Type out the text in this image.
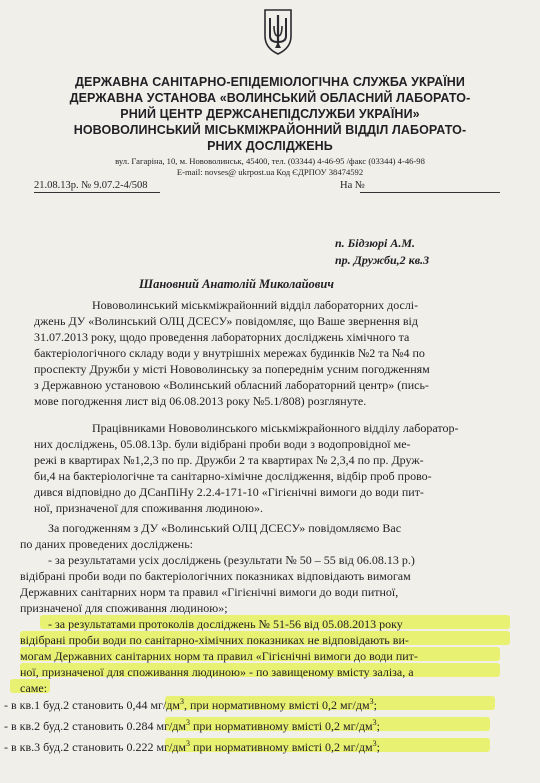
ДЕРЖАВНА САНІТАРНО-ЕПІДЕМІОЛОГІЧНА СЛУЖБА УКРАЇНИ
ДЕРЖАВНА УСТАНОВА «ВОЛИНСЬКИЙ ОБЛАСНИЙ ЛАБОРАТО-
РНИЙ ЦЕНТР ДЕРЖСАНЕПІДСЛУЖБИ УКРАЇНИ»
НОВОВОЛИНСЬКИЙ МІСЬКМІЖРАЙОННИЙ ВІДДІЛ ЛАБОРАТО-
РНИХ ДОСЛІДЖЕНЬ
вул. Гагаріна, 10, м. Нововолинськ, 45400, тел. (03344) 4-46-95 /факс (03344) 4-46-98
E-mail: novses@ ukrpost.ua Код ЄДРПОУ 38474592
21.08.13р. № 9.07.2-4/508	На №
п. Бідзюрі А.М.
пр. Дружби,2 кв.3
Шановний Анатолій Миколайович
Нововолинський міськміжрайонний відділ лабораторних дослі-
джень ДУ «Волинський ОЛЦ ДСЕСУ» повідомляє, що Ваше звернення від
31.07.2013 року, щодо проведення лабораторних досліджень хімічного та
бактеріологічного складу води у внутрішніх мережах будинків №2 та №4 по
проспекту Дружби у місті Нововолинську за попереднім усним погодженням
з Державною установою «Волинський обласний лабораторний центр» (пись-
мове погодження лист від 06.08.2013 року №5.1/808) розглянуте.
Працівниками Нововолинського міськміжрайонного відділу лаборатор-
них досліджень, 05.08.13р. були відібрані проби води з водопровідної ме-
режі в квартирах №1,2,3 по пр. Дружби 2 та квартирах № 2,3,4 по пр. Друж-
би,4 на бактеріологічне та санітарно-хімічне дослідження, відбір проб прово-
дився відповідно до ДСанПіНу 2.2.4-171-10 «Гігієнічні вимоги до води пит-
ної, призначеної для споживання людиною».
За погодженням з ДУ «Волинський ОЛЦ ДСЕСУ» повідомляємо Вас
по даних проведених досліджень:
- за результатами усіх досліджень (результати № 50 – 55 від 06.08.13 р.)
відібрані проби води по бактеріологічних показниках відповідають вимогам
Державних санітарних норм та правил «Гігієнічні вимоги до води питної,
призначеної для споживання людиною»;
- за результатами протоколів досліджень № 51-56 від 05.08.2013 року
відібрані проби води по санітарно-хімічних показниках не відповідають ви-
могам Державних санітарних норм та правил «Гігієнічні вимоги до води пит-
ної, призначеної для споживання людиною» - по завищеному вмісту заліза, а
саме:
- в кв.1 буд.2 становить 0,44 $мг/дм^3$, при нормативному вмісті 0,2 $мг/дм^3$;
- в кв.2 буд.2 становить 0.284 $мг/дм^3$ при нормативному вмісті 0,2 $мг/дм^3$;
- в кв.3 буд.2 становить 0.222 $мг/дм^3$ при нормативному вмісті 0,2 $мг/дм^3$;
